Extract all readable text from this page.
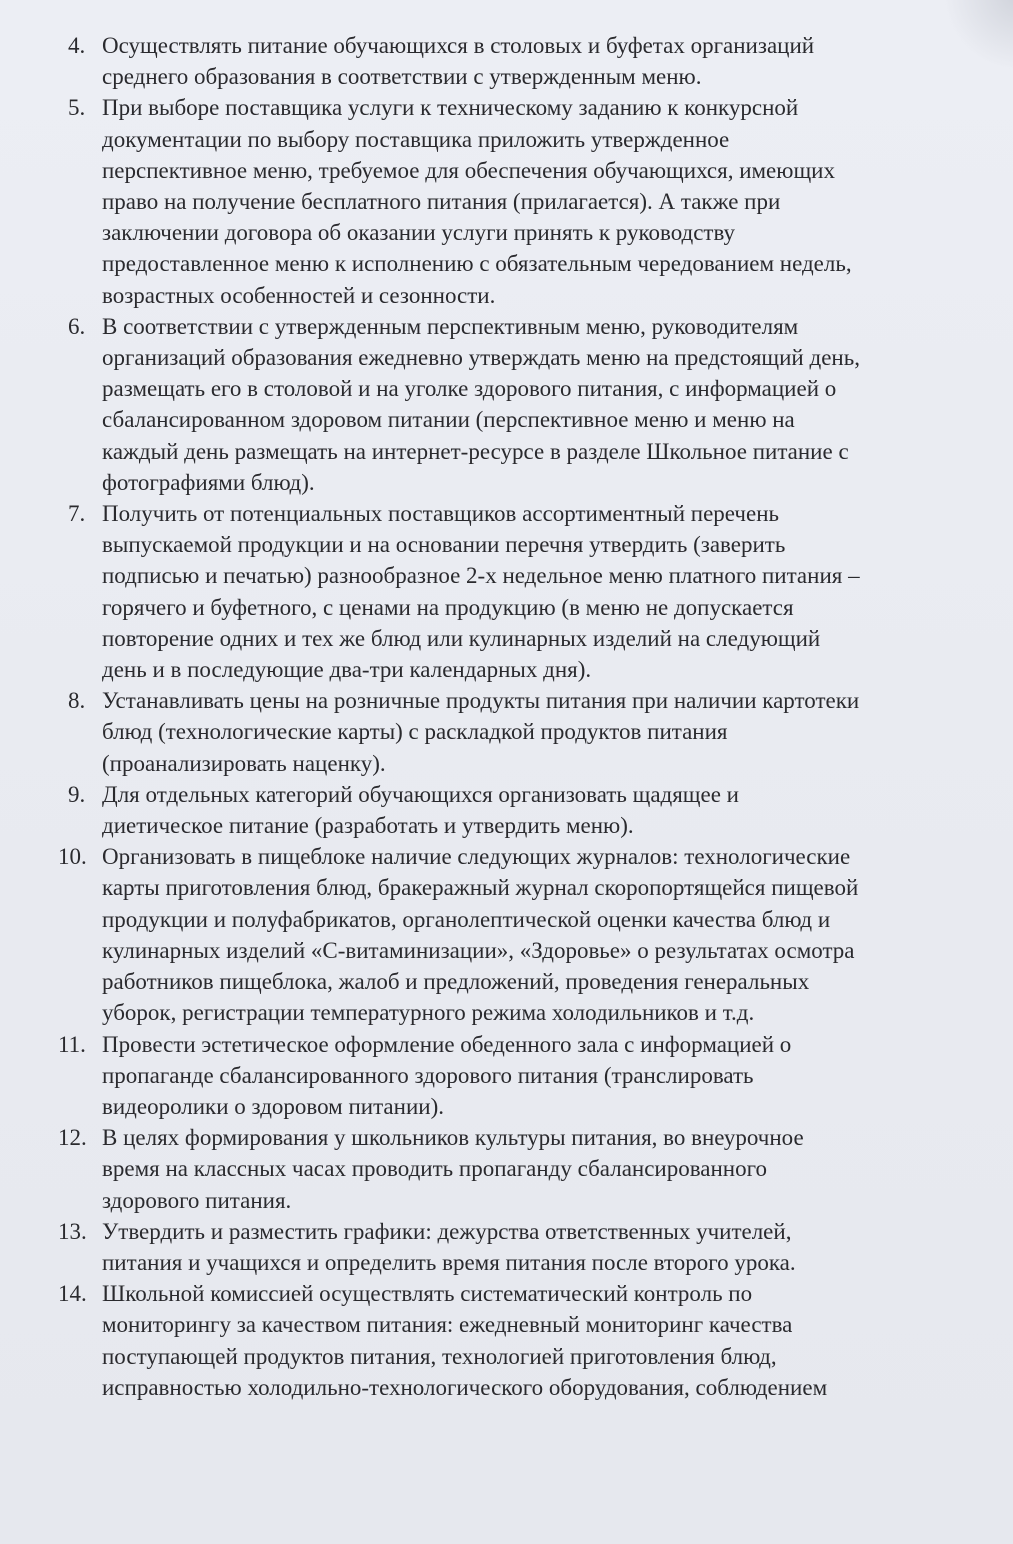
4. Осуществлять питание обучающихся в столовых и буфетах организаций
среднего образования в соответствии с утвержденным меню.
5. При выборе поставщика услуги к техническому заданию к конкурсной
документации по выбору поставщика приложить утвержденное
перспективное меню, требуемое для обеспечения обучающихся, имеющих
право на получение бесплатного питания (прилагается). А также при
заключении договора об оказании услуги принять к руководству
предоставленное меню к исполнению с обязательным чередованием недель,
возрастных особенностей и сезонности.
6. В соответствии с утвержденным перспективным меню, руководителям
организаций образования ежедневно утверждать меню на предстоящий день,
размещать его в столовой и на уголке здорового питания, с информацией о
сбалансированном здоровом питании (перспективное меню и меню на
каждый день размещать на интернет-ресурсе в разделе Школьное питание с
фотографиями блюд).
7. Получить от потенциальных поставщиков ассортиментный перечень
выпускаемой продукции и на основании перечня утвердить (заверить
подписью и печатью) разнообразное 2-х недельное меню платного питания –
горячего и буфетного, с ценами на продукцию (в меню не допускается
повторение одних и тех же блюд или кулинарных изделий на следующий
день и в последующие два-три календарных дня).
8. Устанавливать цены на розничные продукты питания при наличии картотеки
блюд (технологические карты) с раскладкой продуктов питания
(проанализировать наценку).
9. Для отдельных категорий обучающихся организовать щадящее и
диетическое питание (разработать и утвердить меню).
10. Организовать в пищеблоке наличие следующих журналов: технологические
карты приготовления блюд, бракеражный журнал скоропортящейся пищевой
продукции и полуфабрикатов, органолептической оценки качества блюд и
кулинарных изделий «С-витаминизации», «Здоровье» о результатах осмотра
работников пищеблока, жалоб и предложений, проведения генеральных
уборок, регистрации температурного режима холодильников и т.д.
11. Провести эстетическое оформление обеденного зала с информацией о
пропаганде сбалансированного здорового питания (транслировать
видеоролики о здоровом питании).
12. В целях формирования у школьников культуры питания, во внеурочное
время на классных часах проводить пропаганду сбалансированного
здорового питания.
13. Утвердить и разместить графики: дежурства ответственных учителей,
питания и учащихся и определить время питания после второго урока.
14. Школьной комиссией осуществлять систематический контроль по
мониторингу за качеством питания: ежедневный мониторинг качества
поступающей продуктов питания, технологией приготовления блюд,
исправностью холодильно-технологического оборудования, соблюдением
